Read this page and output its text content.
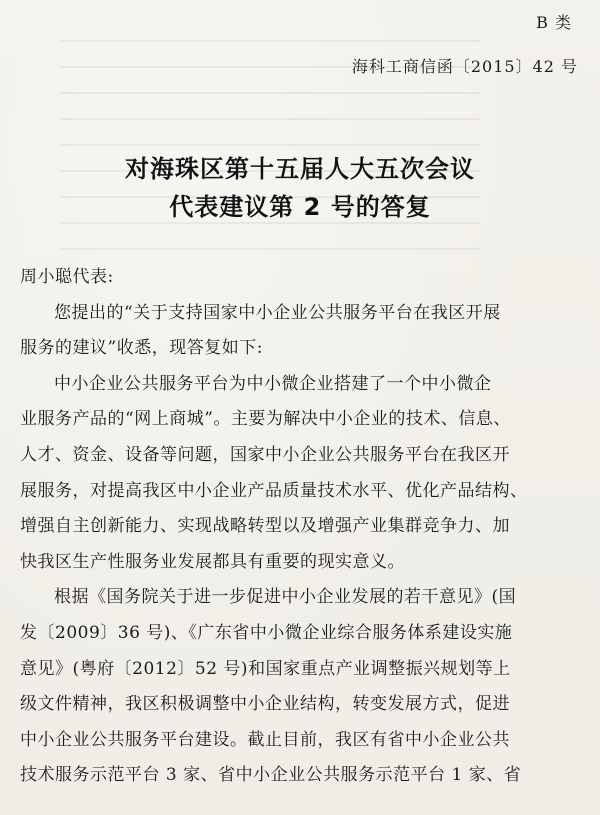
B 类
海科工商信函〔2015〕42 号
对海珠区第十五届人大五次会议
代表建议第 2 号的答复
周小聪代表:
您提出的“关于支持国家中小企业公共服务平台在我区开展
服务的建议”收悉，现答复如下:
中小企业公共服务平台为中小微企业搭建了一个中小微企
业服务产品的“网上商城”。主要为解决中小企业的技术、信息、
人才、资金、设备等问题，国家中小企业公共服务平台在我区开
展服务，对提高我区中小企业产品质量技术水平、优化产品结构、
增强自主创新能力、实现战略转型以及增强产业集群竞争力、加
快我区生产性服务业发展都具有重要的现实意义。
根据《国务院关于进一步促进中小企业发展的若干意见》(国
发〔2009〕36 号)、《广东省中小微企业综合服务体系建设实施
意见》(粤府〔2012〕52 号)和国家重点产业调整振兴规划等上
级文件精神，我区积极调整中小企业结构，转变发展方式，促进
中小企业公共服务平台建设。截止目前，我区有省中小企业公共
技术服务示范平台 3 家、省中小企业公共服务示范平台 1 家、省
